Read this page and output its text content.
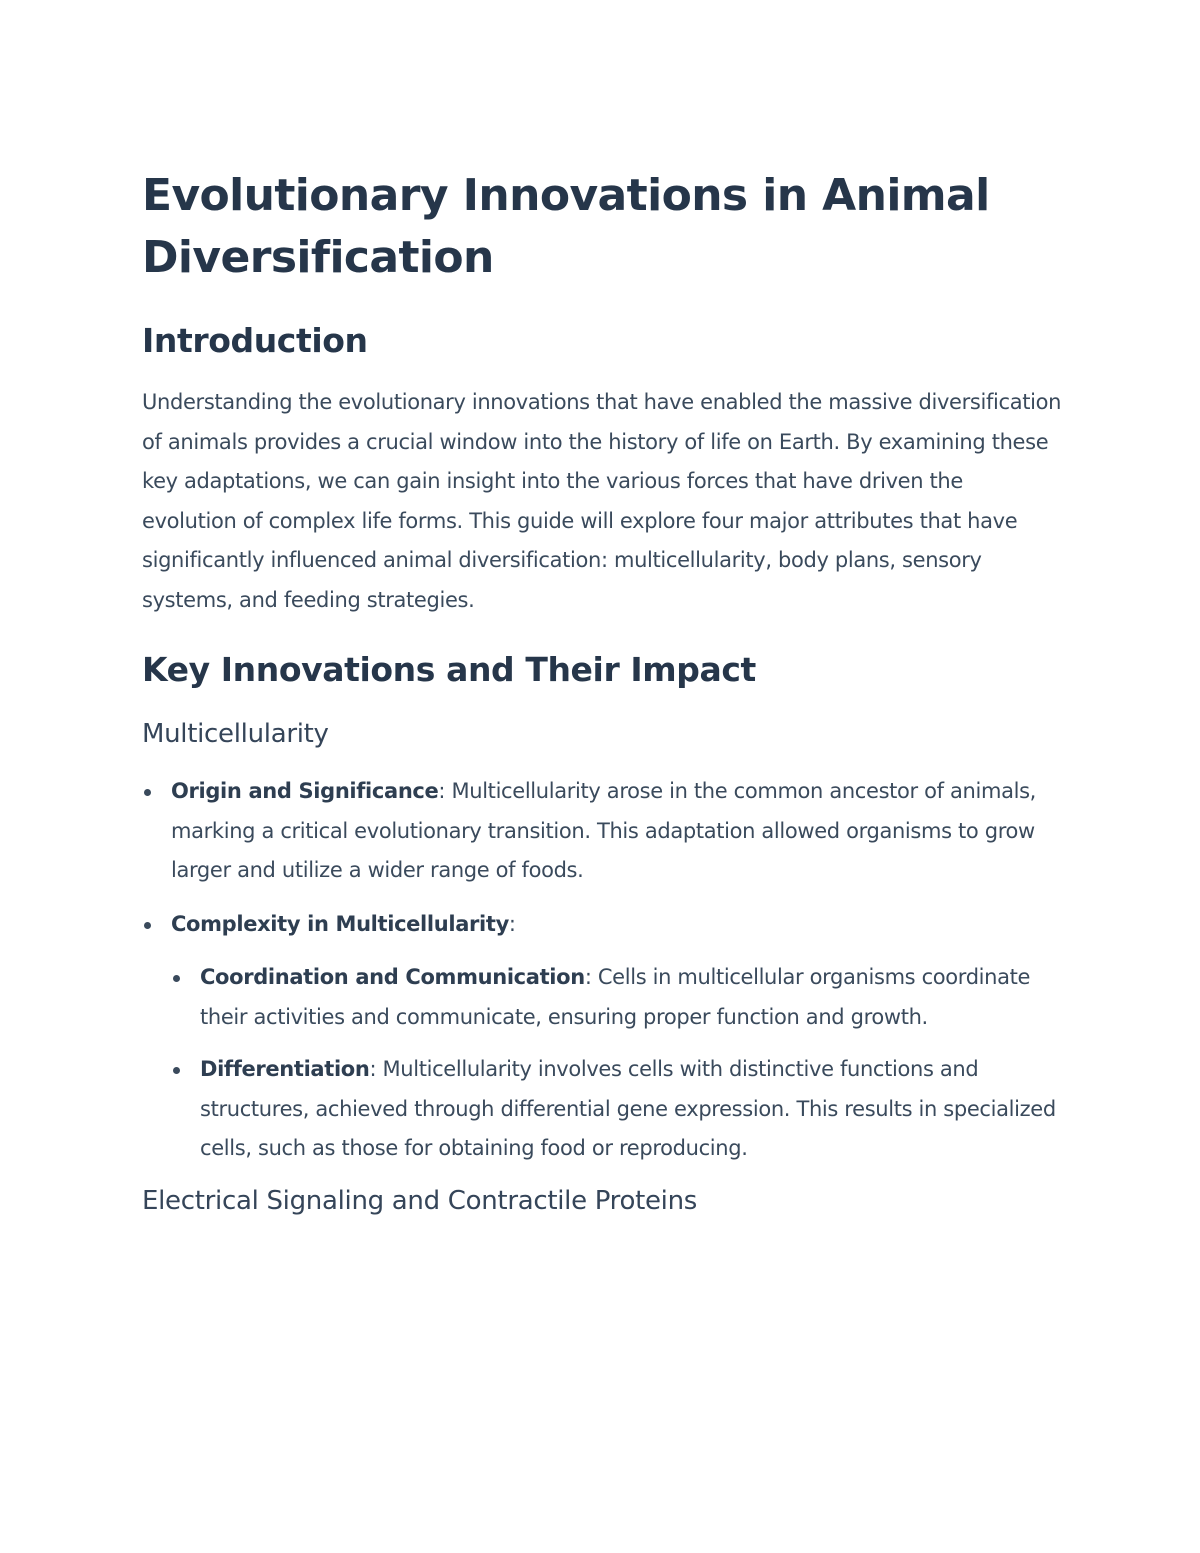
Evolutionary Innovations in Animal Diversification
Introduction

Understanding the evolutionary innovations that have enabled the massive diversification of animals provides a crucial window into the history of life on Earth. By examining these key adaptations, we can gain insight into the various forces that have driven the evolution of complex life forms. This guide will explore four major attributes that have significantly influenced animal diversification: multicellularity, body plans, sensory systems, and feeding strategies.

Key Innovations and Their Impact
Multicellularity
Origin and Significance: Multicellularity arose in the common ancestor of animals, marking a critical evolutionary transition. This adaptation allowed organisms to grow larger and utilize a wider range of foods.
Complexity in Multicellularity:
Coordination and Communication: Cells in multicellular organisms coordinate their activities and communicate, ensuring proper function and growth.
Differentiation: Multicellularity involves cells with distinctive functions and structures, achieved through differential gene expression. This results in specialized cells, such as those for obtaining food or reproducing.
Electrical Signaling and Contractile Proteins
